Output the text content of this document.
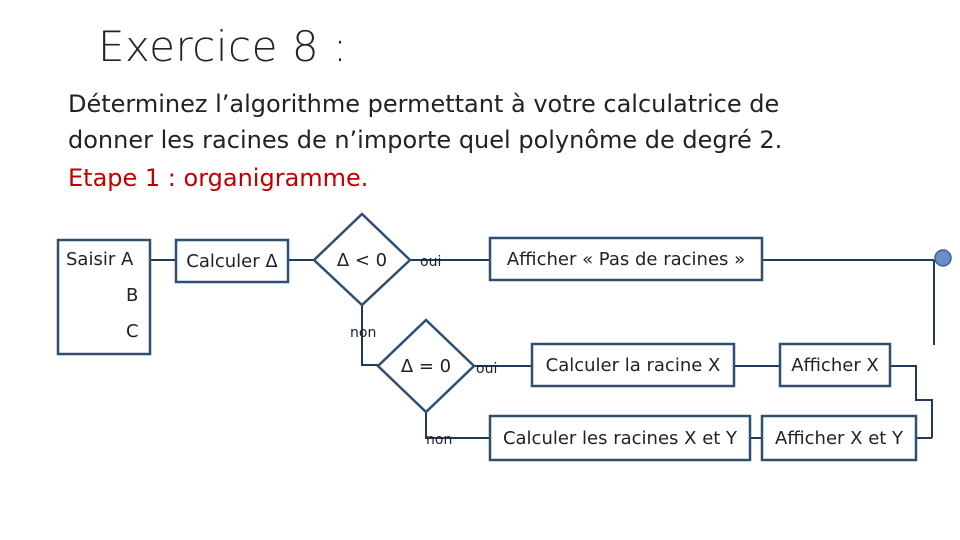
Exercice 8 :
Déterminez l’algorithme permettant à votre calculatrice de
donner les racines de n’importe quel polynôme de degré 2.
Etape 1 : organigramme.
Saisir A
B
C
Calculer Δ	Δ < 0 oui
non
Afficher « Pas de racines »
Δ = 0 oui
non
Calculer la racine X	Afficher X
Calculer les racines X et Y Afficher X et Y
